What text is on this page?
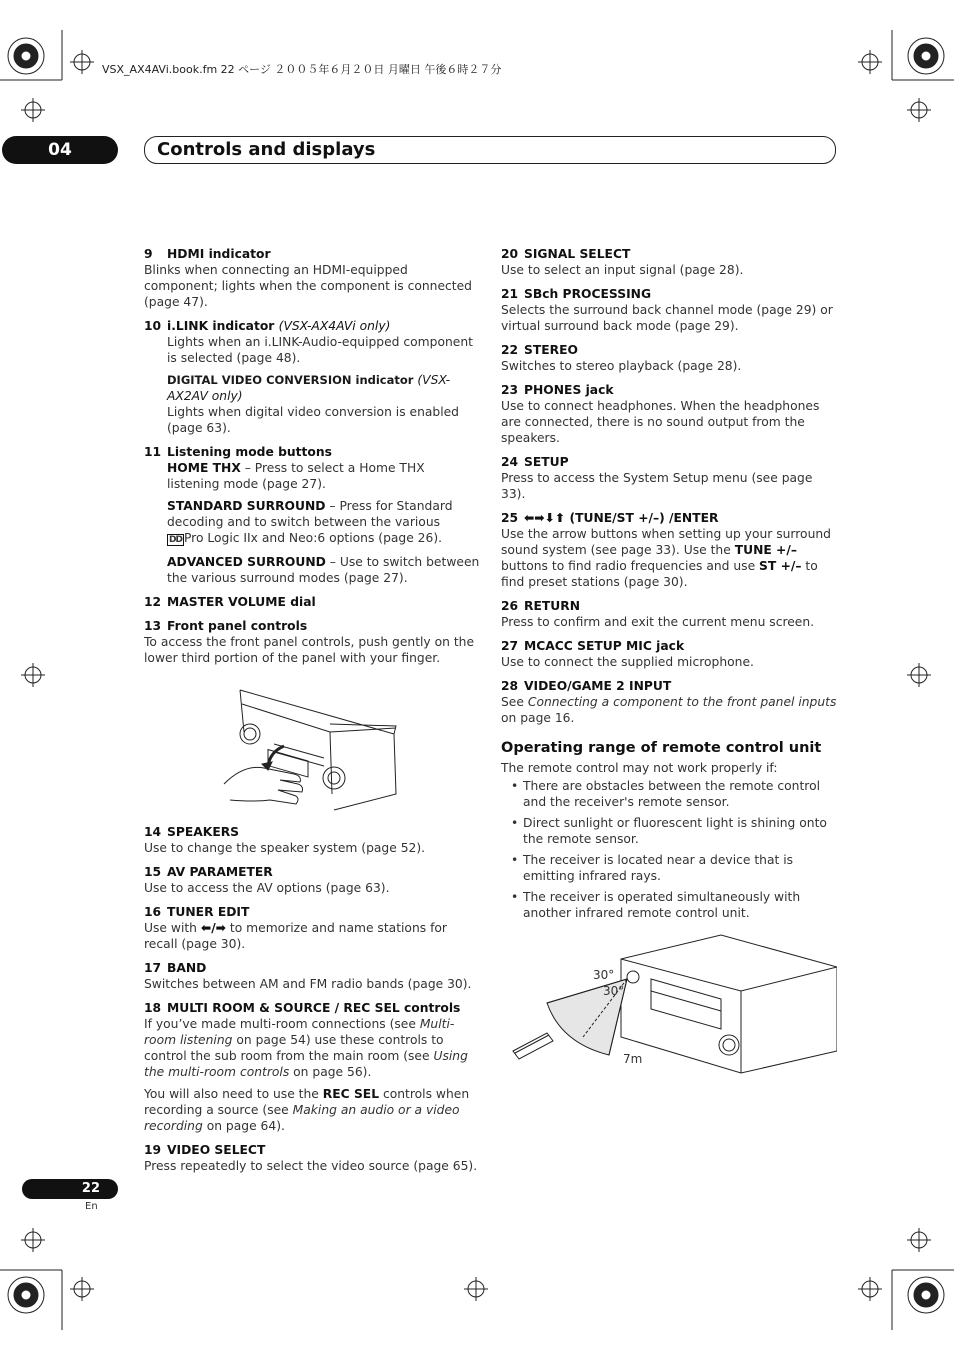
VSX_AX4AVi.book.fm 22 ページ ２００５年６月２０日 月曜日 午後６時２７分
04	Controls and displays
9 HDMI indicator
Blinks when connecting an HDMI-equipped component; lights when the component is connected (page 47).
10 i.LINK indicator (VSX-AX4AVi only)
Lights when an i.LINK-Audio-equipped component is selected (page 48).
DIGITAL VIDEO CONVERSION indicator (VSX-AX2AV only)
Lights when digital video conversion is enabled (page 63).
11 Listening mode buttons
HOME THX – Press to select a Home THX listening mode (page 27).
STANDARD SURROUND – Press for Standard decoding and to switch between the various DD Pro Logic IIx and Neo:6 options (page 26).
ADVANCED SURROUND – Use to switch between the various surround modes (page 27).
12 MASTER VOLUME dial
13 Front panel controls
To access the front panel controls, push gently on the lower third portion of the panel with your finger.
14 SPEAKERS
Use to change the speaker system (page 52).
15 AV PARAMETER
Use to access the AV options (page 63).
16 TUNER EDIT
Use with ⬅/➡ to memorize and name stations for recall (page 30).
17 BAND
Switches between AM and FM radio bands (page 30).
18 MULTI ROOM & SOURCE / REC SEL controls
If you’ve made multi-room connections (see Multi-room listening on page 54) use these controls to control the sub room from the main room (see Using the multi-room controls on page 56).
You will also need to use the REC SEL controls when recording a source (see Making an audio or a video recording on page 64).
19 VIDEO SELECT
Press repeatedly to select the video source (page 65).
20 SIGNAL SELECT
Use to select an input signal (page 28).
21 SBch PROCESSING
Selects the surround back channel mode (page 29) or virtual surround back mode (page 29).
22 STEREO
Switches to stereo playback (page 28).
23 PHONES jack
Use to connect headphones. When the headphones are connected, there is no sound output from the speakers.
24 SETUP
Press to access the System Setup menu (see page 33).
25 ⬅➡⬇⬆ (TUNE/ST +/–) /ENTER
Use the arrow buttons when setting up your surround sound system (see page 33). Use the TUNE +/– buttons to find radio frequencies and use ST +/– to find preset stations (page 30).
26 RETURN
Press to confirm and exit the current menu screen.
27 MCACC SETUP MIC jack
Use to connect the supplied microphone.
28 VIDEO/GAME 2 INPUT
See Connecting a component to the front panel inputs on page 16.
Operating range of remote control unit
The remote control may not work properly if:
• There are obstacles between the remote control and the receiver's remote sensor.
• Direct sunlight or fluorescent light is shining onto the remote sensor.
• The receiver is located near a device that is emitting infrared rays.
• The receiver is operated simultaneously with another infrared remote control unit.
30°
30°
7m
22
En
